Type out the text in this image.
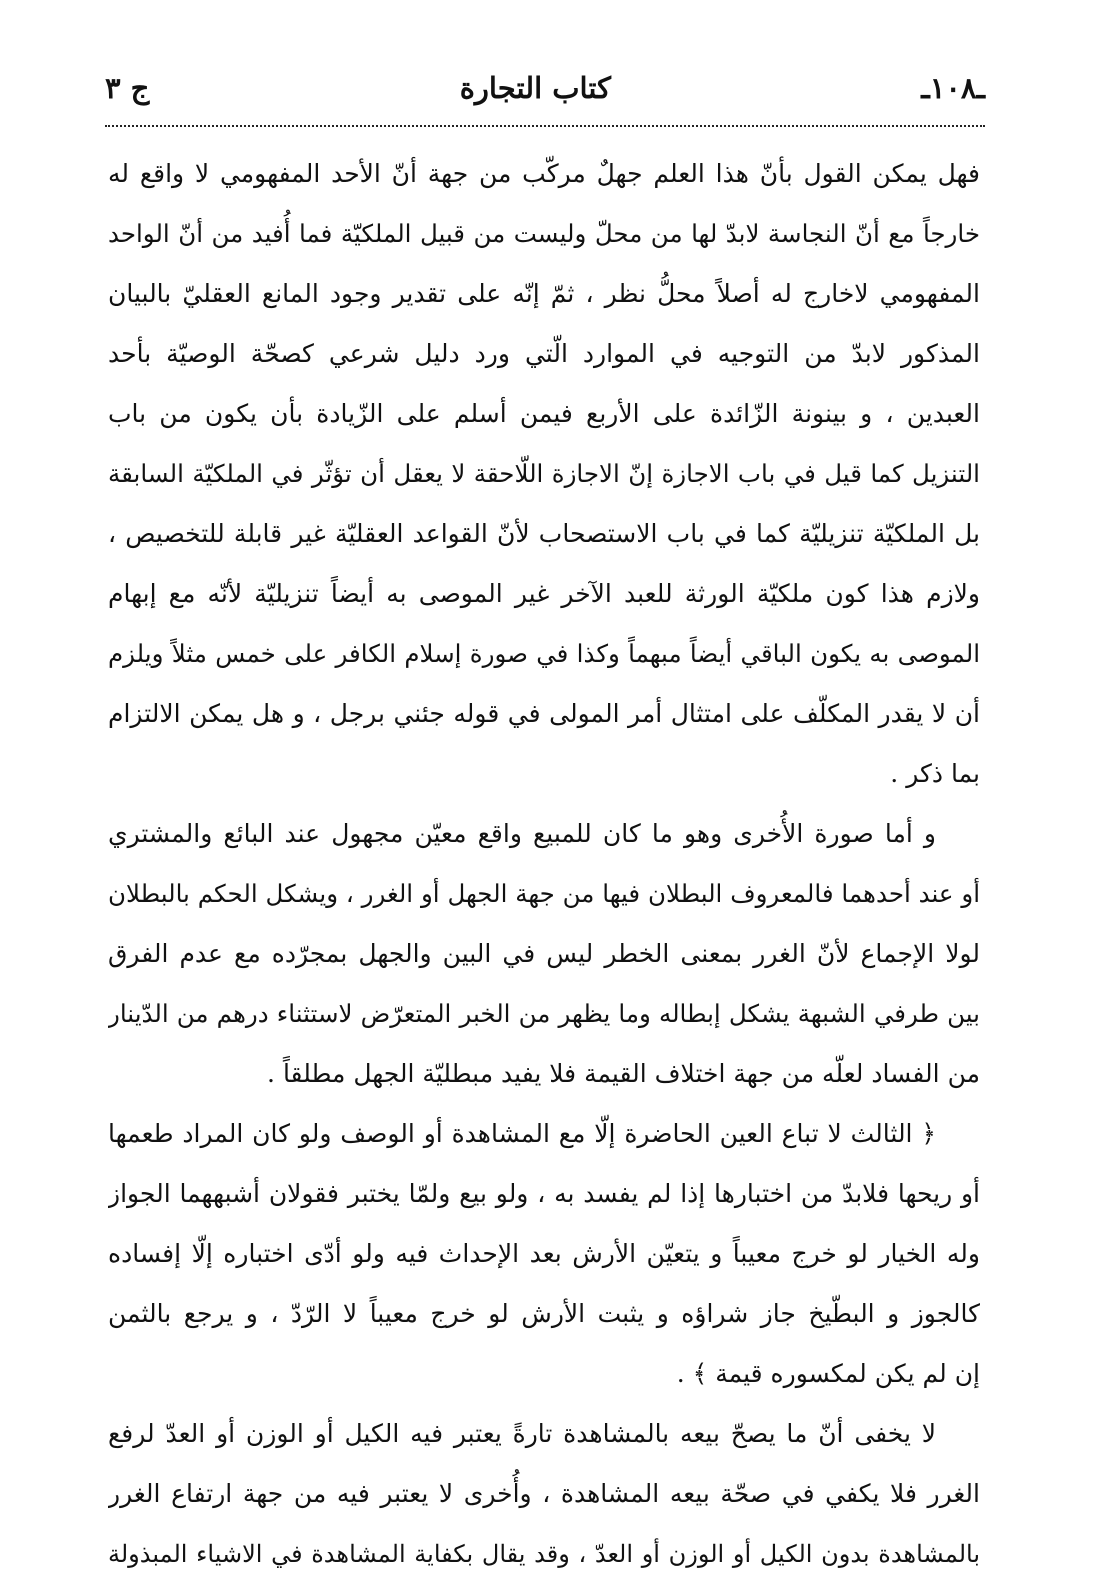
ـ١٠٨ـ
كتاب التجارة
ج ٣
فهل يمكن القول بأنّ هذا العلم جهلٌ مركّب من جهة أنّ الأحد المفهومي لا واقع له
خارجاً مع أنّ النجاسة لابدّ لها من محلّ وليست من قبيل الملكيّة فما أُفيد من أنّ الواحد
المفهومي لاخارج له أصلاً محلُّ نظر ، ثمّ إنّه على تقدير وجود المانع العقليّ بالبيان
المذكور لابدّ من التوجيه في الموارد الّتي ورد دليل شرعي كصحّة الوصيّة بأحد
العبدين ، و بينونة الزّائدة على الأربع فيمن أسلم على الزّيادة بأن يكون من باب
التنزيل كما قيل في باب الاجازة إنّ الاجازة اللّاحقة لا يعقل أن تؤثّر في الملكيّة السابقة
بل الملكيّة تنزيليّة كما في باب الاستصحاب لأنّ القواعد العقليّة غير قابلة للتخصيص ،
ولازم هذا كون ملكيّة الورثة للعبد الآخر غير الموصى به أيضاً تنزيليّة لأنّه مع إبهام
الموصى به يكون الباقي أيضاً مبهماً وكذا في صورة إسلام الكافر على خمس مثلاً ويلزم
أن لا يقدر المكلّف على امتثال أمر المولى في قوله جئني برجل ، و هل يمكن الالتزام
بما ذكر .
و أما صورة الأُخرى وهو ما كان للمبيع واقع معيّن مجهول عند البائع والمشتري
أو عند أحدهما فالمعروف البطلان فيها من جهة الجهل أو الغرر ، ويشكل الحكم بالبطلان
لولا الإجماع لأنّ الغرر بمعنى الخطر ليس في البين والجهل بمجرّده مع عدم الفرق
بين طرفي الشبهة يشكل إبطاله وما يظهر من الخبر المتعرّض لاستثناء درهم من الدّينار
من الفساد لعلّه من جهة اختلاف القيمة فلا يفيد مبطليّة الجهل مطلقاً .
﴿ الثالث لا تباع العين الحاضرة إلّا مع المشاهدة أو الوصف ولو كان المراد طعمها
أو ريحها فلابدّ من اختبارها إذا لم يفسد به ، ولو بيع ولمّا يختبر فقولان أشبههما الجواز
وله الخيار لو خرج معيباً و يتعيّن الأرش بعد الإحداث فيه ولو أدّى اختباره إلّا إفساده
كالجوز و البطّيخ جاز شراؤه و يثبت الأرش لو خرج معيباً لا الرّدّ ، و يرجع بالثمن
إن لم يكن لمكسوره قيمة ﴾ .
لا يخفى أنّ ما يصحّ بيعه بالمشاهدة تارةً يعتبر فيه الكيل أو الوزن أو العدّ لرفع
الغرر فلا يكفي في صحّة بيعه المشاهدة ، وأُخرى لا يعتبر فيه من جهة ارتفاع الغرر
بالمشاهدة بدون الكيل أو الوزن أو العدّ ، وقد يقال بكفاية المشاهدة في الاشياء المبذولة
